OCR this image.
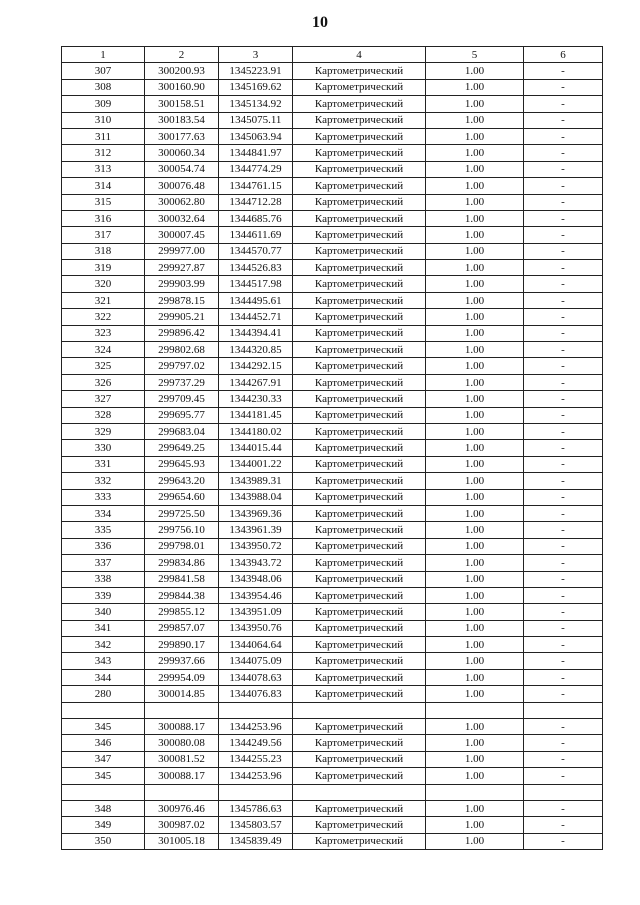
10
1	2	3	4	5	6
307	300200.93	1345223.91	Картометрический	1.00	-
308	300160.90	1345169.62	Картометрический	1.00	-
309	300158.51	1345134.92	Картометрический	1.00	-
310	300183.54	1345075.11	Картометрический	1.00	-
311	300177.63	1345063.94	Картометрический	1.00	-
312	300060.34	1344841.97	Картометрический	1.00	-
313	300054.74	1344774.29	Картометрический	1.00	-
314	300076.48	1344761.15	Картометрический	1.00	-
315	300062.80	1344712.28	Картометрический	1.00	-
316	300032.64	1344685.76	Картометрический	1.00	-
317	300007.45	1344611.69	Картометрический	1.00	-
318	299977.00	1344570.77	Картометрический	1.00	-
319	299927.87	1344526.83	Картометрический	1.00	-
320	299903.99	1344517.98	Картометрический	1.00	-
321	299878.15	1344495.61	Картометрический	1.00	-
322	299905.21	1344452.71	Картометрический	1.00	-
323	299896.42	1344394.41	Картометрический	1.00	-
324	299802.68	1344320.85	Картометрический	1.00	-
325	299797.02	1344292.15	Картометрический	1.00	-
326	299737.29	1344267.91	Картометрический	1.00	-
327	299709.45	1344230.33	Картометрический	1.00	-
328	299695.77	1344181.45	Картометрический	1.00	-
329	299683.04	1344180.02	Картометрический	1.00	-
330	299649.25	1344015.44	Картометрический	1.00	-
331	299645.93	1344001.22	Картометрический	1.00	-
332	299643.20	1343989.31	Картометрический	1.00	-
333	299654.60	1343988.04	Картометрический	1.00	-
334	299725.50	1343969.36	Картометрический	1.00	-
335	299756.10	1343961.39	Картометрический	1.00	-
336	299798.01	1343950.72	Картометрический	1.00	-
337	299834.86	1343943.72	Картометрический	1.00	-
338	299841.58	1343948.06	Картометрический	1.00	-
339	299844.38	1343954.46	Картометрический	1.00	-
340	299855.12	1343951.09	Картометрический	1.00	-
341	299857.07	1343950.76	Картометрический	1.00	-
342	299890.17	1344064.64	Картометрический	1.00	-
343	299937.66	1344075.09	Картометрический	1.00	-
344	299954.09	1344078.63	Картометрический	1.00	-
280	300014.85	1344076.83	Картометрический	1.00	-

345	300088.17	1344253.96	Картометрический	1.00	-
346	300080.08	1344249.56	Картометрический	1.00	-
347	300081.52	1344255.23	Картометрический	1.00	-
345	300088.17	1344253.96	Картометрический	1.00	-

348	300976.46	1345786.63	Картометрический	1.00	-
349	300987.02	1345803.57	Картометрический	1.00	-
350	301005.18	1345839.49	Картометрический	1.00	-
